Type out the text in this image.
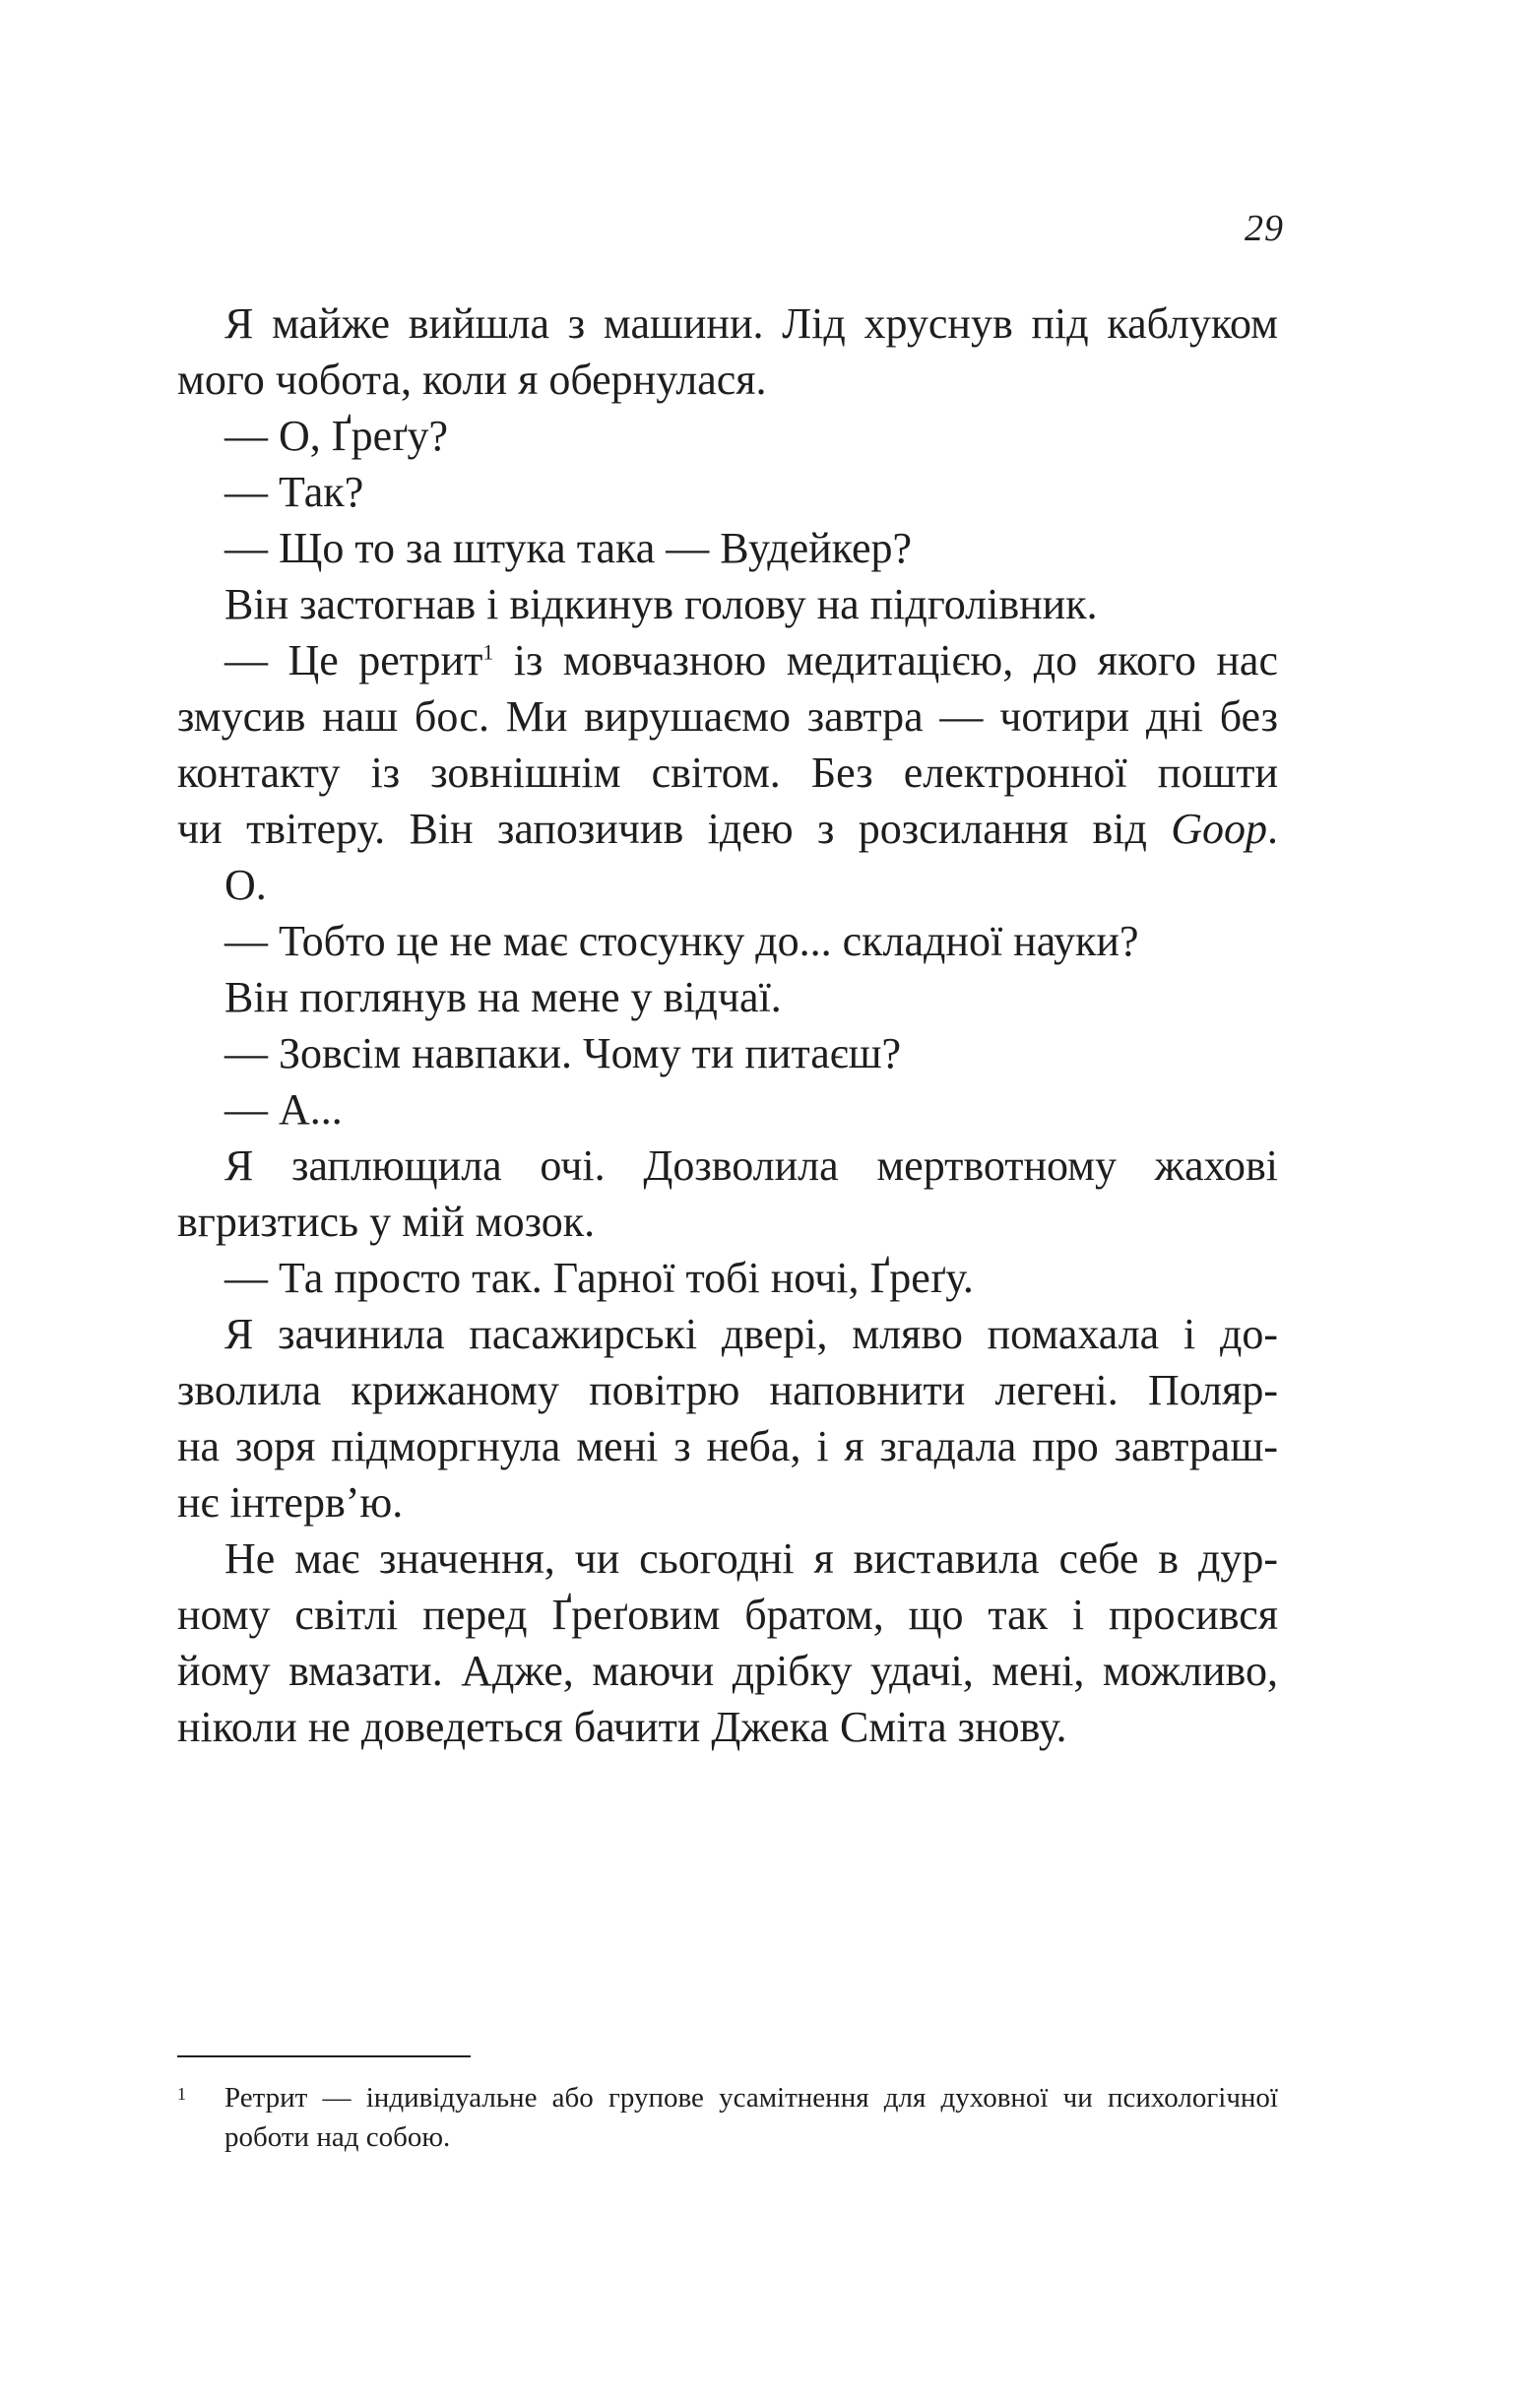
29
Я майже вийшла з машини. Лід хруснув під каблуком
мого чобота, коли я обернулася.
— О, Ґреґу?
— Так?
— Що то за штука така — Вудейкер?
Він застогнав і відкинув голову на підголівник.
— Це ретрит$^1$ із мовчазною медитацією, до якого нас
змусив наш бос. Ми вирушаємо завтра — чотири дні без
контакту із зовнішнім світом. Без електронної пошти
чи твітеру. Він запозичив ідею з розсилання від Goop.
О.
— Тобто це не має стосунку до... складної науки?
Він поглянув на мене у відчаї.
— Зовсім навпаки. Чому ти питаєш?
— А...
Я заплющила очі. Дозволила мертвотному жахові
вгризтись у мій мозок.
— Та просто так. Гарної тобі ночі, Ґреґу.
Я зачинила пасажирські двері, мляво помахала і до-
зволила крижаному повітрю наповнити легені. Поляр-
на зоря підморгнула мені з неба, і я згадала про завтраш-
нє інтерв’ю.
Не має значення, чи сьогодні я виставила себе в дур-
ному світлі перед Ґреґовим братом, що так і просився
йому вмазати. Адже, маючи дрібку удачі, мені, можливо,
ніколи не доведеться бачити Джека Сміта знову.
1 Ретрит — індивідуальне або групове усамітнення для духовної чи психологічної
роботи над собою.
